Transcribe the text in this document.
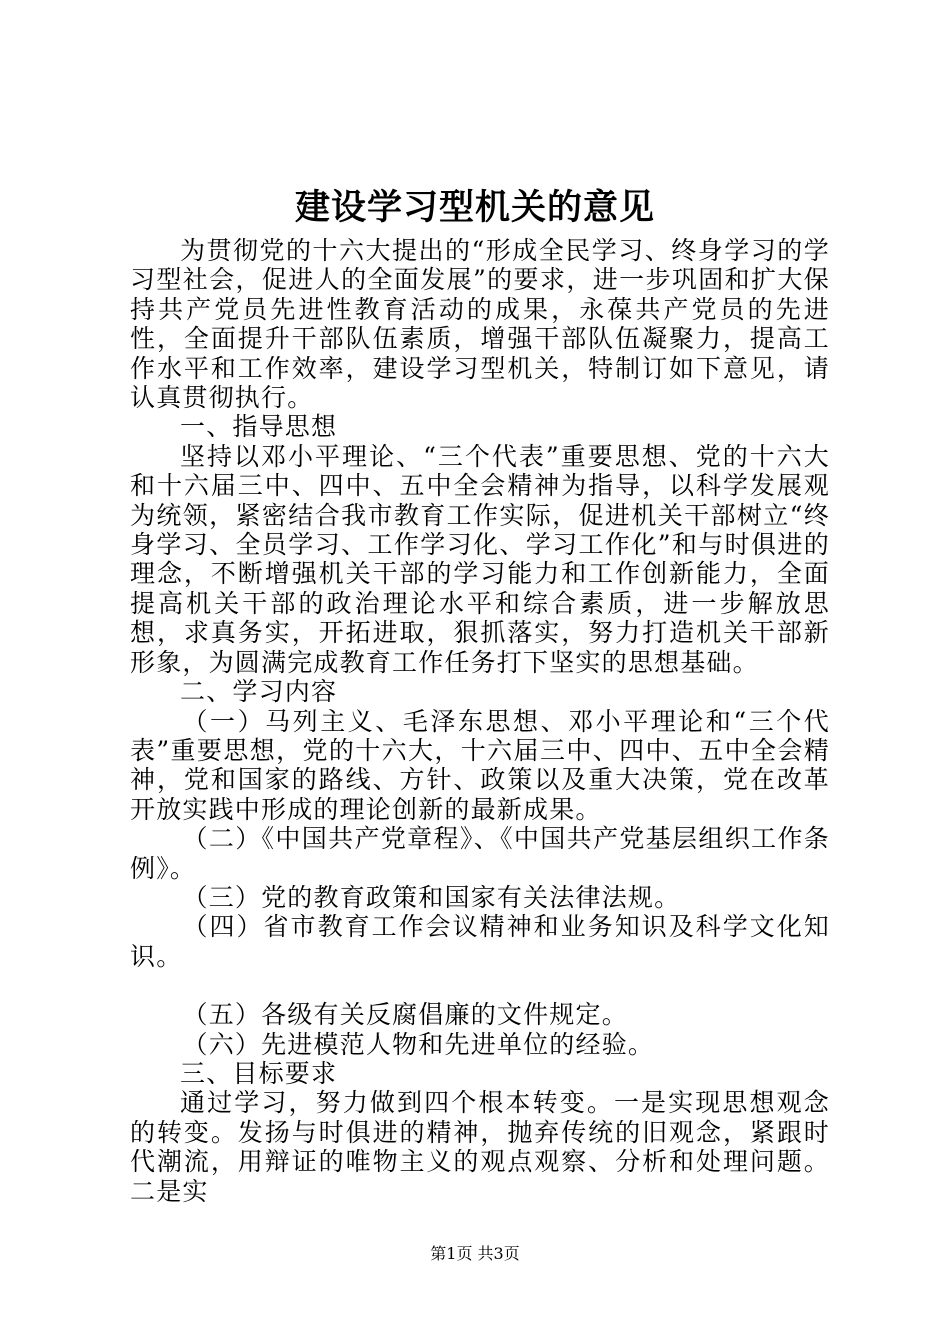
建设学习型机关的意见

为贯彻党的十六大提出的“形成全民学习、终身学习的学习型社会，促进人的全面发展”的要求，进一步巩固和扩大保持共产党员先进性教育活动的成果，永葆共产党员的先进性，全面提升干部队伍素质，增强干部队伍凝聚力，提高工作水平和工作效率，建设学习型机关，特制订如下意见，请认真贯彻执行。

一、指导思想

坚持以邓小平理论、“三个代表”重要思想、党的十六大和十六届三中、四中、五中全会精神为指导，以科学发展观为统领，紧密结合我市教育工作实际，促进机关干部树立“终身学习、全员学习、工作学习化、学习工作化”和与时俱进的理念，不断增强机关干部的学习能力和工作创新能力，全面提高机关干部的政治理论水平和综合素质，进一步解放思想，求真务实，开拓进取，狠抓落实，努力打造机关干部新形象，为圆满完成教育工作任务打下坚实的思想基础。

二、学习内容

（一）马列主义、毛泽东思想、邓小平理论和“三个代表”重要思想，党的十六大，十六届三中、四中、五中全会精神，党和国家的路线、方针、政策以及重大决策，党在改革开放实践中形成的理论创新的最新成果。

（二）《中国共产党章程》、《中国共产党基层组织工作条例》。

（三）党的教育政策和国家有关法律法规。

（四）省市教育工作会议精神和业务知识及科学文化知识。

（五）各级有关反腐倡廉的文件规定。

（六）先进模范人物和先进单位的经验。

三、目标要求

通过学习，努力做到四个根本转变。一是实现思想观念的转变。发扬与时俱进的精神，抛弃传统的旧观念，紧跟时代潮流，用辩证的唯物主义的观点观察、分析和处理问题。二是实

第1页 共3页
